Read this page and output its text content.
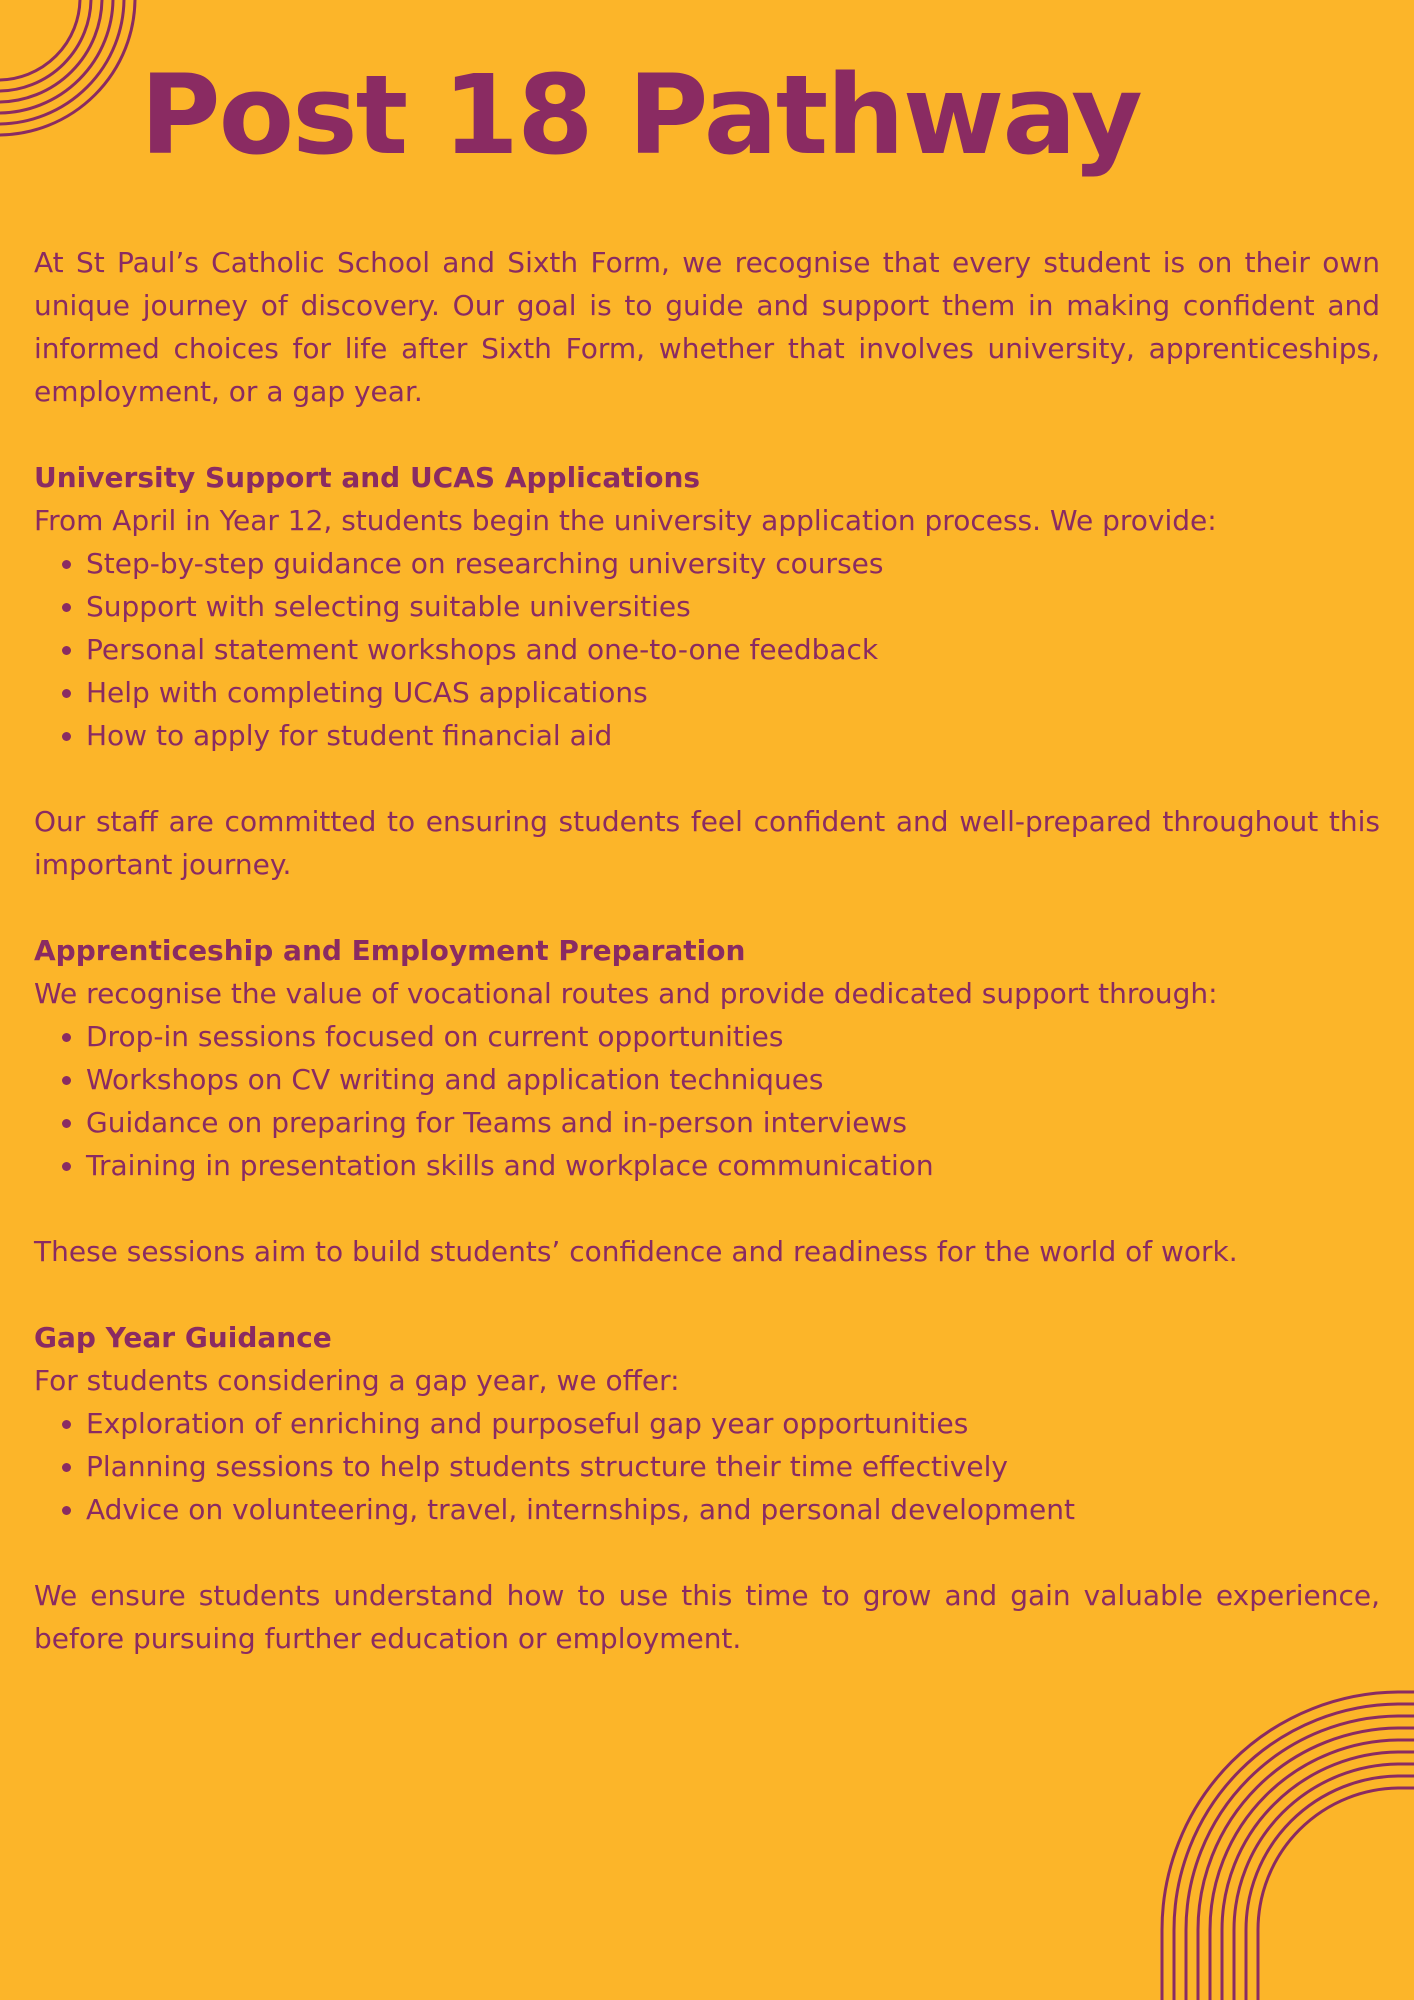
Post 18 Pathway

At St Paul’s Catholic School and Sixth Form, we recognise that every student is on their own unique journey of discovery. Our goal is to guide and support them in making confident and informed choices for life after Sixth Form, whether that involves university, apprenticeships, employment, or a gap year.

University Support and UCAS Applications

From April in Year 12, students begin the university application process. We provide:

• Step-by-step guidance on researching university courses
• Support with selecting suitable universities
• Personal statement workshops and one-to-one feedback
• Help with completing UCAS applications
• How to apply for student financial aid

Our staff are committed to ensuring students feel confident and well-prepared throughout this important journey.

Apprenticeship and Employment Preparation

We recognise the value of vocational routes and provide dedicated support through:

• Drop-in sessions focused on current opportunities
• Workshops on CV writing and application techniques
• Guidance on preparing for Teams and in-person interviews
• Training in presentation skills and workplace communication

These sessions aim to build students’ confidence and readiness for the world of work.

Gap Year Guidance

For students considering a gap year, we offer:

• Exploration of enriching and purposeful gap year opportunities
• Planning sessions to help students structure their time effectively
• Advice on volunteering, travel, internships, and personal development

We ensure students understand how to use this time to grow and gain valuable experience, before pursuing further education or employment.
